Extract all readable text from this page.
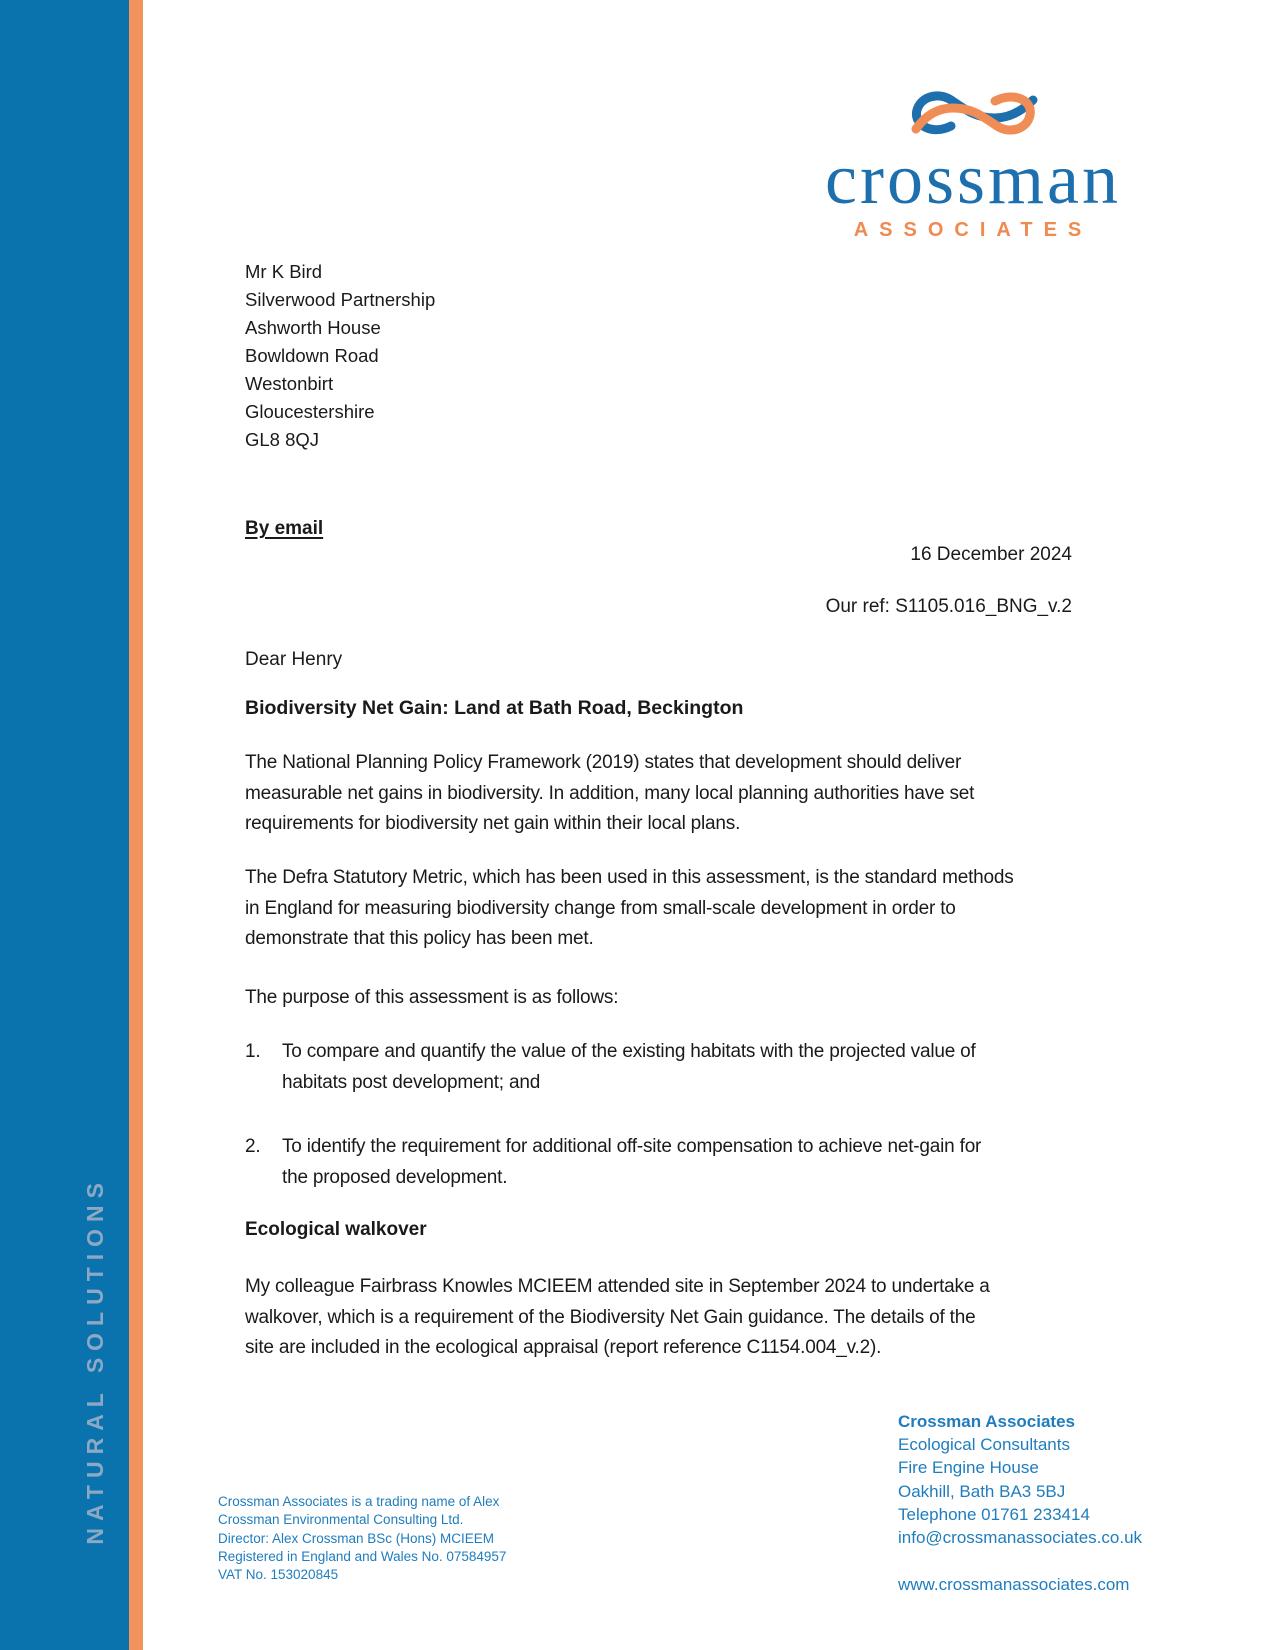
NATURAL SOLUTIONS
crossman
ASSOCIATES
Mr K Bird
Silverwood Partnership
Ashworth House
Bowldown Road
Westonbirt
Gloucestershire
GL8 8QJ
By email
16 December 2024
Our ref: S1105.016_BNG_v.2
Dear Henry
Biodiversity Net Gain: Land at Bath Road, Beckington
The National Planning Policy Framework (2019) states that development should deliver
measurable net gains in biodiversity. In addition, many local planning authorities have set
requirements for biodiversity net gain within their local plans.
The Defra Statutory Metric, which has been used in this assessment, is the standard methods
in England for measuring biodiversity change from small-scale development in order to
demonstrate that this policy has been met.
The purpose of this assessment is as follows:
1.	To compare and quantify the value of the existing habitats with the projected value of
habitats post development; and
2.	To identify the requirement for additional off-site compensation to achieve net-gain for
the proposed development.
Ecological walkover
My colleague Fairbrass Knowles MCIEEM attended site in September 2024 to undertake a
walkover, which is a requirement of the Biodiversity Net Gain guidance. The details of the
site are included in the ecological appraisal (report reference C1154.004_v.2).
Crossman Associates
Ecological Consultants
Fire Engine House
Oakhill, Bath BA3 5BJ
Telephone 01761 233414
info@crossmanassociates.co.uk
www.crossmanassociates.com
Crossman Associates is a trading name of Alex
Crossman Environmental Consulting Ltd.
Director: Alex Crossman BSc (Hons) MCIEEM
Registered in England and Wales No. 07584957
VAT No. 153020845
